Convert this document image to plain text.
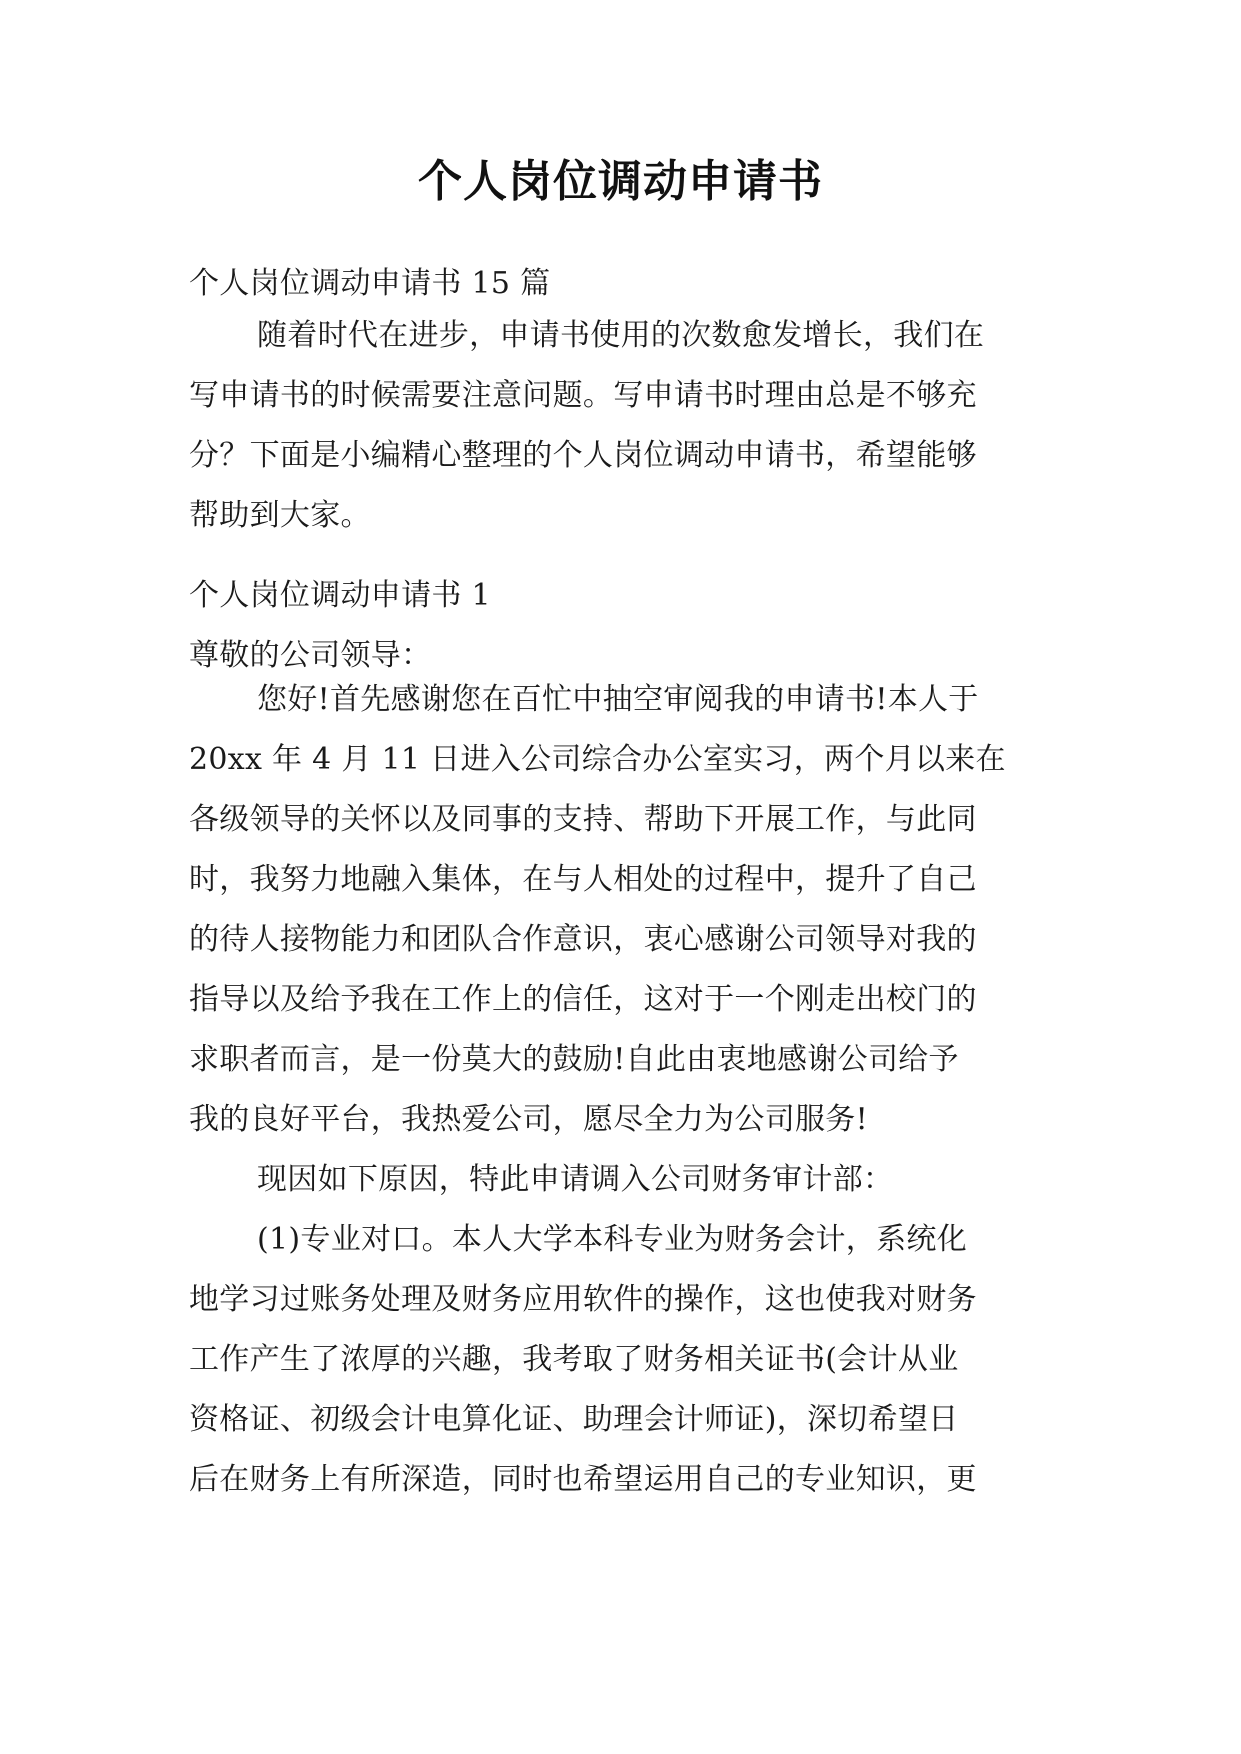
个人岗位调动申请书
个人岗位调动申请书 15 篇
随着时代在进步，申请书使用的次数愈发增长，我们在
写申请书的时候需要注意问题。写申请书时理由总是不够充
分？下面是小编精心整理的个人岗位调动申请书，希望能够
帮助到大家。
个人岗位调动申请书 1
尊敬的公司领导：
您好!首先感谢您在百忙中抽空审阅我的申请书!本人于
20xx 年 4 月 11 日进入公司综合办公室实习，两个月以来在
各级领导的关怀以及同事的支持、帮助下开展工作，与此同
时，我努力地融入集体，在与人相处的过程中，提升了自己
的待人接物能力和团队合作意识，衷心感谢公司领导对我的
指导以及给予我在工作上的信任，这对于一个刚走出校门的
求职者而言，是一份莫大的鼓励!自此由衷地感谢公司给予
我的良好平台，我热爱公司，愿尽全力为公司服务!
现因如下原因，特此申请调入公司财务审计部：
(1)专业对口。本人大学本科专业为财务会计，系统化
地学习过账务处理及财务应用软件的操作，这也使我对财务
工作产生了浓厚的兴趣，我考取了财务相关证书(会计从业
资格证、初级会计电算化证、助理会计师证)，深切希望日
后在财务上有所深造，同时也希望运用自己的专业知识，更
